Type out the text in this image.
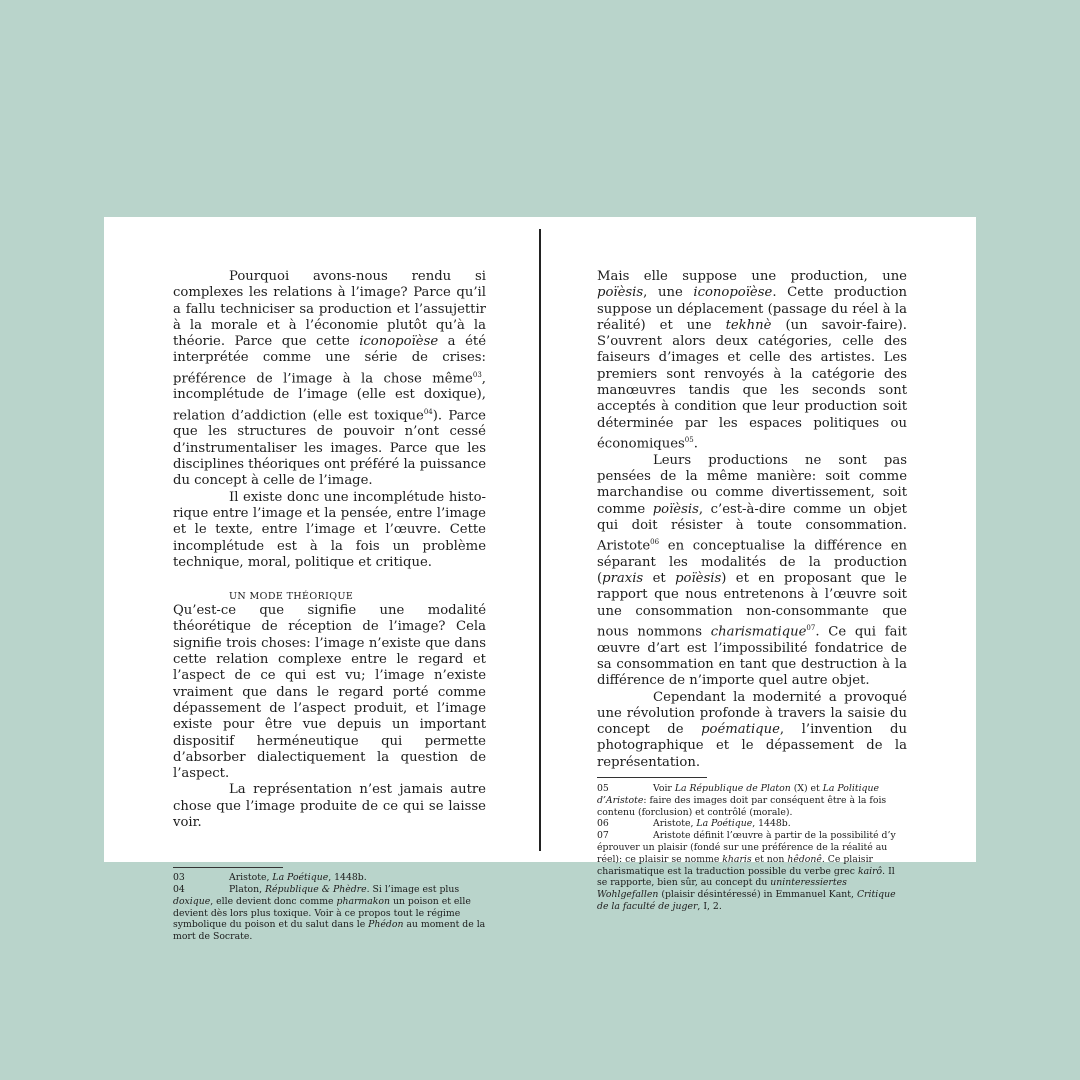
Pourquoi avons-nous rendu si complexes les relations à l’image? Parce qu’il a fallu techniciser sa production et l’assujettir à la morale et à l’économie plutôt qu’à la théorie. Parce que cette iconopoïèse a été interprétée comme une série de crises: préférence de l’image à la chose même$^{03}$, incomplétude de l’image (elle est doxique), relation d’addiction (elle est toxique$^{04}$). Parce que les structures de pouvoir n’ont cessé d’instrumentaliser les images. Parce que les disciplines théoriques ont préféré la puissance du concept à celle de l’image.

Il existe donc une incomplétude historique entre l’image et la pensée, entre l’image et le texte, entre l’image et l’œuvre. Cette incomplétude est à la fois un problème technique, moral, politique et critique.

UN MODE THÉORIQUE

Qu’est-ce que signifie une modalité théorétique de réception de l’image? Cela signifie trois choses: l’image n’existe que dans cette relation complexe entre le regard et l’aspect de ce qui est vu; l’image n’existe vraiment que dans le regard porté comme dépassement de l’aspect produit, et l’image existe pour être vue depuis un important dispositif herméneutique qui permette d’absorber dialectiquement la question de l’aspect.

La représentation n’est jamais autre chose que l’image produite de ce qui se laisse voir.

03	Aristote, La Poétique, 1448b.

04	Platon, République & Phèdre. Si l’image est plus doxique, elle devient donc comme pharmakon un poison et elle devient dès lors plus toxique. Voir à ce propos tout le régime symbolique du poison et du salut dans le Phédon au moment de la mort de Socrate.

Mais elle suppose une production, une poïèsis, une iconopoïèse. Cette production suppose un déplacement (passage du réel à la réalité) et une tekhnè (un savoir-faire). S’ouvrent alors deux catégories, celle des faiseurs d’images et celle des artistes. Les premiers sont renvoyés à la catégorie des manœuvres tandis que les seconds sont acceptés à condition que leur production soit déterminée par les espaces politiques ou économiques$^{05}$.

Leurs productions ne sont pas pensées de la même manière: soit comme marchandise ou comme divertissement, soit comme poïèsis, c’est-à-dire comme un objet qui doit résister à toute consommation. Aristote$^{06}$ en conceptualise la différence en séparant les modalités de la production (praxis et poïèsis) et en proposant que le rapport que nous entretenons à l’œuvre soit une consommation non-consommante que nous nommons charismatique$^{07}$. Ce qui fait œuvre d’art est l’impossibilité fondatrice de sa consommation en tant que destruction à la différence de n’importe quel autre objet.

Cependant la modernité a provoqué une révolution profonde à travers la saisie du concept de poématique, l’invention du photographique et le dépassement de la représentation.

05	Voir La République de Platon (X) et La Politique d’Aristote: faire des images doit par conséquent être à la fois contenu (forclusion) et contrôlé (morale).

06	Aristote, La Poétique, 1448b.

07	Aristote définit l’œuvre à partir de la possibilité d’y éprouver un plaisir (fondé sur une préférence de la réalité au réel): ce plaisir se nomme kharis et non hêdonê. Ce plaisir charismatique est la traduction possible du verbe grec kairô. Il se rapporte, bien sûr, au concept du uninteressiertes Wohlgefallen (plaisir désintéressé) in Emmanuel Kant, Critique de la faculté de juger, I, 2.
